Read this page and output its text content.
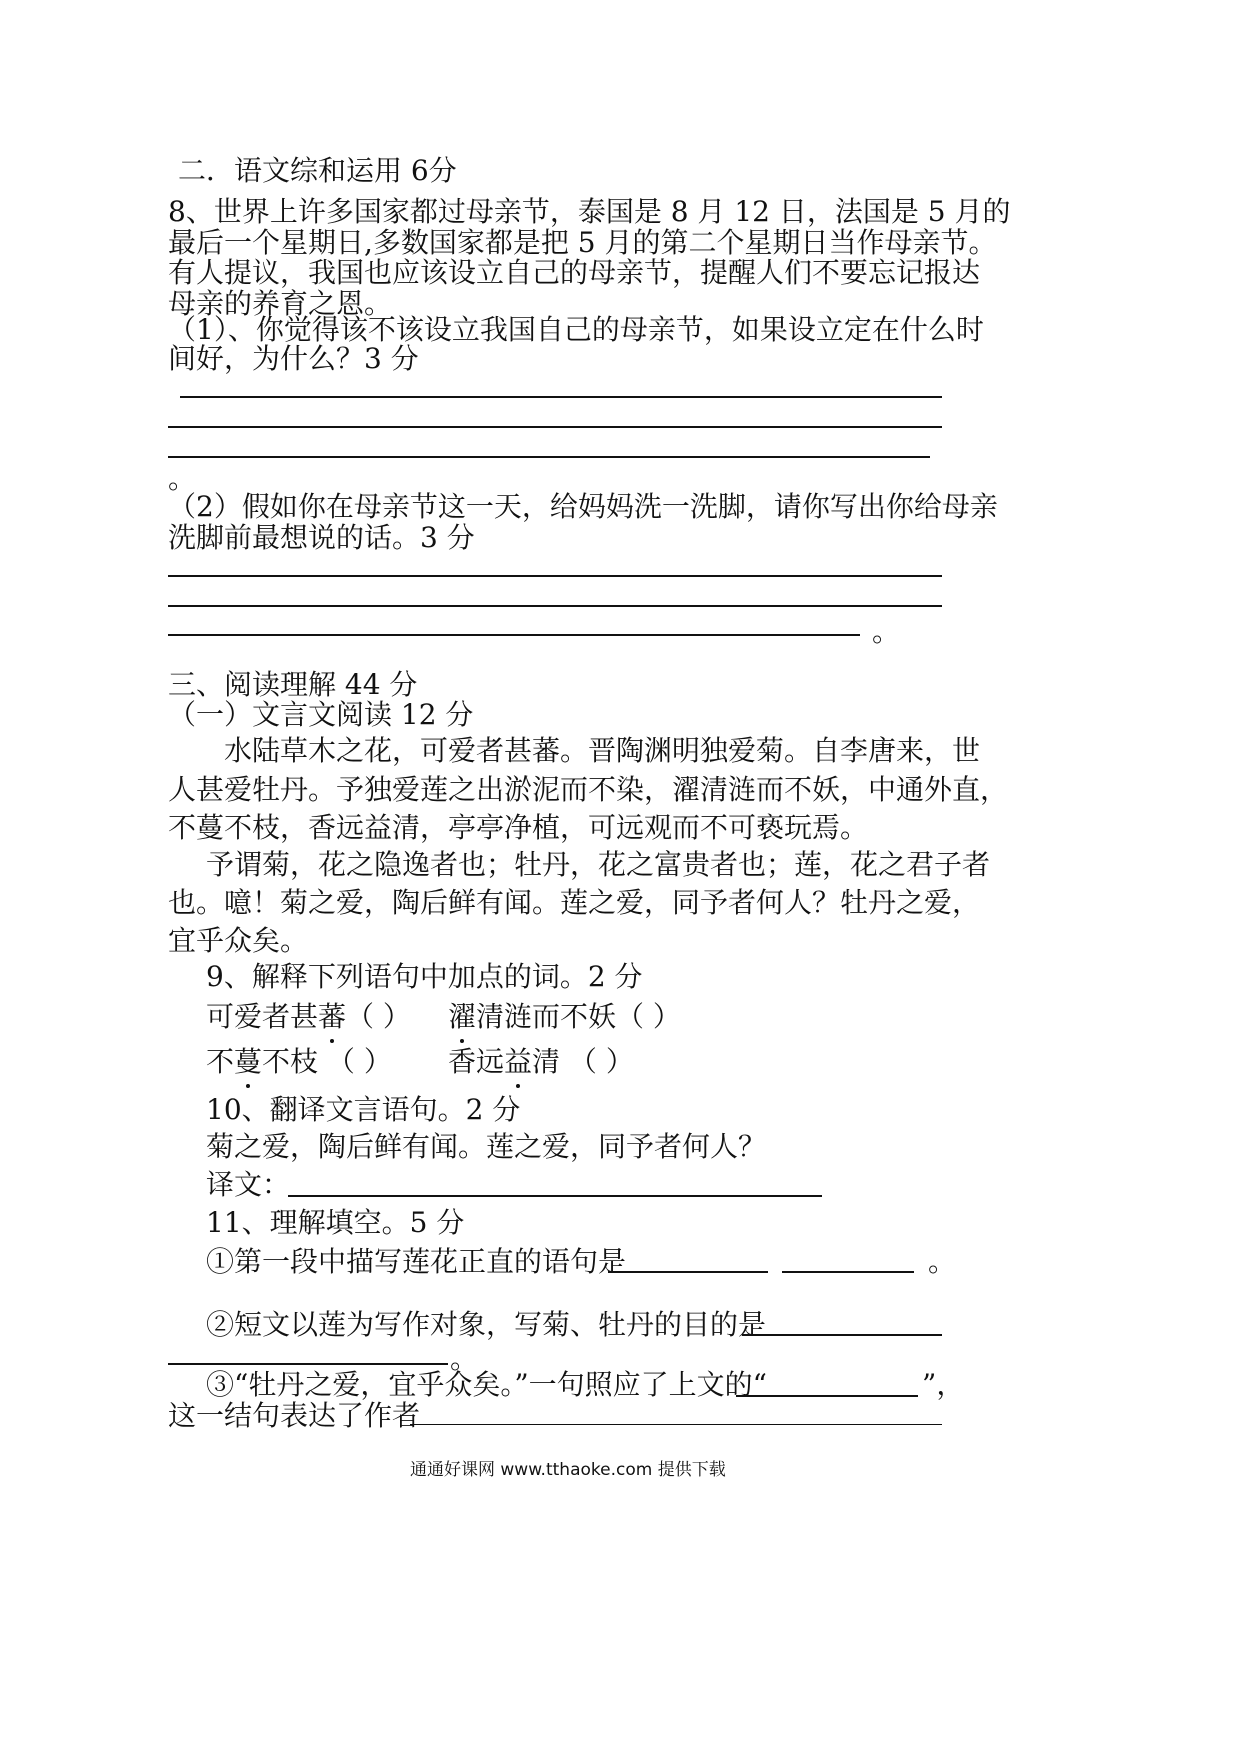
二．语文综和运用 6分
8、世界上许多国家都过母亲节，泰国是 8 月 12 日，法国是 5 月的
最后一个星期日,多数国家都是把 5 月的第二个星期日当作母亲节。
有人提议，我国也应该设立自己的母亲节，提醒人们不要忘记报达
母亲的养育之恩。
（1）、你觉得该不该设立我国自己的母亲节，如果设立定在什么时
间好，为什么？3 分
。
（2）假如你在母亲节这一天，给妈妈洗一洗脚，请你写出你给母亲
洗脚前最想说的话。3 分
。
三、阅读理解 44 分
（一）文言文阅读 12 分
水陆草木之花，可爱者甚蕃。晋陶渊明独爱菊。自李唐来，世
人甚爱牡丹。予独爱莲之出淤泥而不染，濯清涟而不妖，中通外直，
不蔓不枝，香远益清，亭亭净植，可远观而不可亵玩焉。
予谓菊，花之隐逸者也；牡丹，花之富贵者也；莲，花之君子者
也。噫！菊之爱，陶后鲜有闻。莲之爱，同予者何人？牡丹之爱，
宜乎众矣。
9、解释下列语句中加点的词。2 分
可爱者甚蕃（ ） 濯清涟而不妖（ ）
不蔓不枝 （ ） 香远益清 （ ）
10、翻译文言语句。2 分
菊之爱，陶后鲜有闻。莲之爱，同予者何人？
译文：
11、理解填空。5 分
①第一段中描写莲花正直的语句是	。
②短文以莲为写作对象，写菊、牡丹的目的是
。
③“牡丹之爱，宜乎众矣。”一句照应了上文的“	”，
这一结句表达了作者
通通好课网 www.tthaoke.com 提供下载
